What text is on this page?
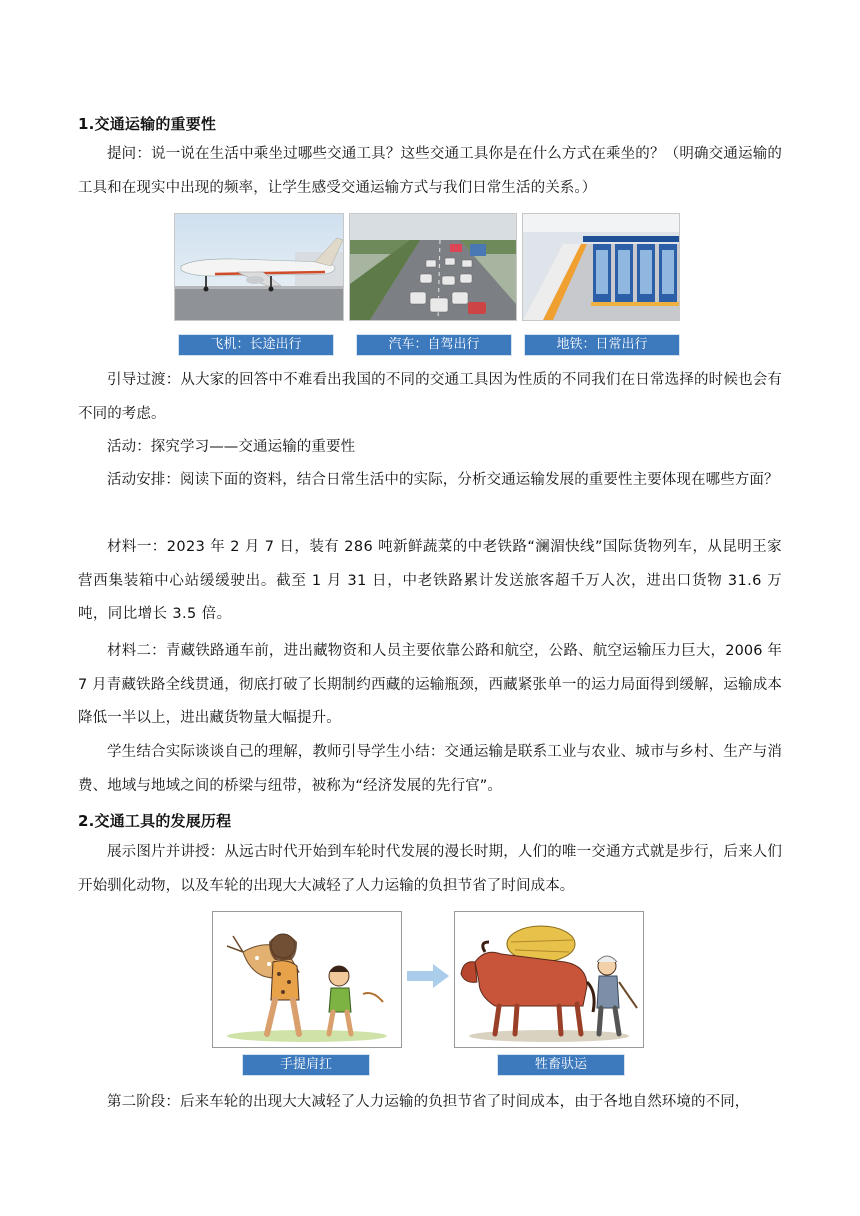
1.交通运输的重要性
提问：说一说在生活中乘坐过哪些交通工具？这些交通工具你是在什么方式在乘坐的？（明确交通运输的工具和在现实中出现的频率，让学生感受交通运输方式与我们日常生活的关系。）
飞机：长途出行	汽车：自驾出行	地铁：日常出行
引导过渡：从大家的回答中不难看出我国的不同的交通工具因为性质的不同我们在日常选择的时候也会有不同的考虑。
活动：探究学习——交通运输的重要性
活动安排：阅读下面的资料，结合日常生活中的实际，分析交通运输发展的重要性主要体现在哪些方面？
材料一：2023 年 2 月 7 日，装有 286 吨新鲜蔬菜的中老铁路“澜湄快线”国际货物列车，从昆明王家营西集装箱中心站缓缓驶出。截至 1 月 31 日，中老铁路累计发送旅客超千万人次，进出口货物 31.6 万吨，同比增长 3.5 倍。
材料二：青藏铁路通车前，进出藏物资和人员主要依靠公路和航空，公路、航空运输压力巨大，2006 年 7 月青藏铁路全线贯通，彻底打破了长期制约西藏的运输瓶颈，西藏紧张单一的运力局面得到缓解，运输成本降低一半以上，进出藏货物量大幅提升。
学生结合实际谈谈自己的理解，教师引导学生小结：交通运输是联系工业与农业、城市与乡村、生产与消费、地域与地域之间的桥梁与纽带，被称为“经济发展的先行官”。
2.交通工具的发展历程
展示图片并讲授：从远古时代开始到车轮时代发展的漫长时期，人们的唯一交通方式就是步行，后来人们开始驯化动物，以及车轮的出现大大减轻了人力运输的负担节省了时间成本。
手提肩扛	牲畜驮运
第二阶段：后来车轮的出现大大减轻了人力运输的负担节省了时间成本，由于各地自然环境的不同，
